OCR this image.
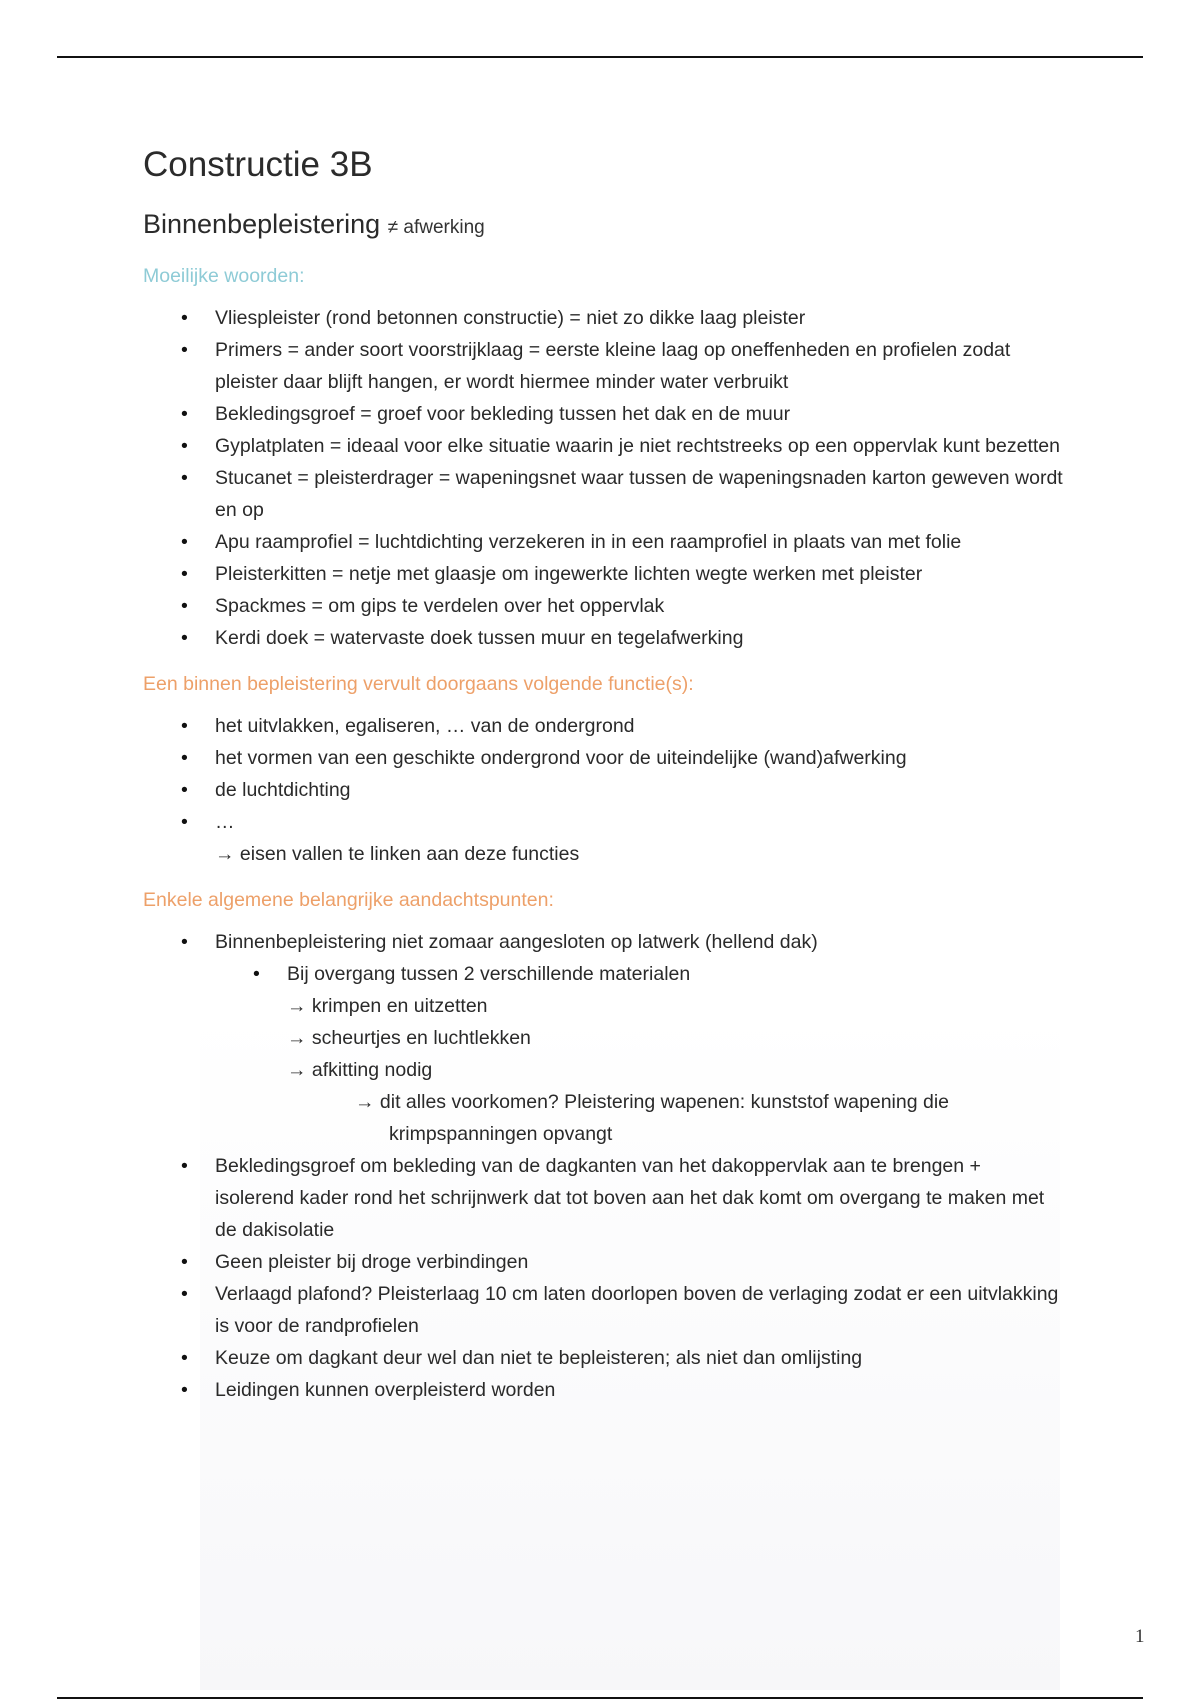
Constructie 3B
Binnenbepleistering ≠ afwerking
Moeilijke woorden:
• Vliespleister (rond betonnen constructie) = niet zo dikke laag pleister
• Primers = ander soort voorstrijklaag = eerste kleine laag op oneffenheden en profielen zodat pleister daar blijft hangen, er wordt hiermee minder water verbruikt
• Bekledingsgroef = groef voor bekleding tussen het dak en de muur
• Gyplatplaten = ideaal voor elke situatie waarin je niet rechtstreeks op een oppervlak kunt bezetten
• Stucanet = pleisterdrager = wapeningsnet waar tussen de wapeningsnaden karton geweven wordt en op
• Apu raamprofiel = luchtdichting verzekeren in in een raamprofiel in plaats van met folie
• Pleisterkitten = netje met glaasje om ingewerkte lichten wegte werken met pleister
• Spackmes = om gips te verdelen over het oppervlak
• Kerdi doek = watervaste doek tussen muur en tegelafwerking
Een binnen bepleistering vervult doorgaans volgende functie(s):
• het uitvlakken, egaliseren, … van de ondergrond
• het vormen van een geschikte ondergrond voor de uiteindelijke (wand)afwerking
• de luchtdichting
• …
→ eisen vallen te linken aan deze functies
Enkele algemene belangrijke aandachtspunten:
• Binnenbepleistering niet zomaar aangesloten op latwerk (hellend dak)
• Bij overgang tussen 2 verschillende materialen
→ krimpen en uitzetten
→ scheurtjes en luchtlekken
→ afkitting nodig
→ dit alles voorkomen? Pleistering wapenen: kunststof wapening die
krimpspanningen opvangt
• Bekledingsgroef om bekleding van de dagkanten van het dakoppervlak aan te brengen + isolerend kader rond het schrijnwerk dat tot boven aan het dak komt om overgang te maken met de dakisolatie
• Geen pleister bij droge verbindingen
• Verlaagd plafond? Pleisterlaag 10 cm laten doorlopen boven de verlaging zodat er een uitvlakking is voor de randprofielen
• Keuze om dagkant deur wel dan niet te bepleisteren; als niet dan omlijsting
• Leidingen kunnen overpleisterd worden
1
